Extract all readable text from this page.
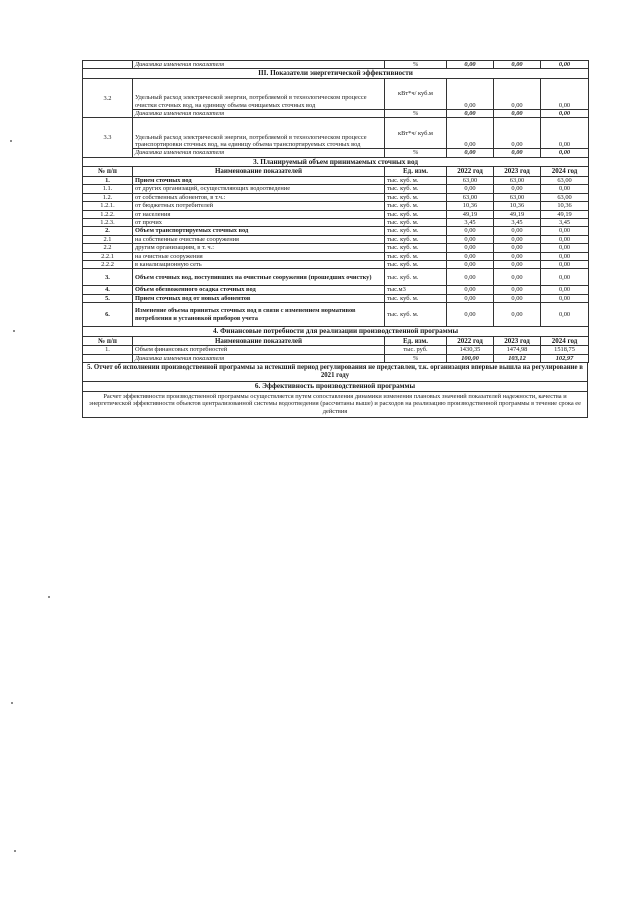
	Динамика изменения показателя	%	0,00	0,00	0,00
III. Показатели энергетической эффективности					
3.2	Удельный расход электрической энергии, потребляемой в технологическом процессе очистки сточных вод, на единицу объема очищаемых сточных вод	кВт*ч/ куб.м	0,00	0,00	0,00
	Динамика изменения показателя	%	0,00	0,00	0,00
3.3	Удельный расход электрической энергии, потребляемой в технологическом процессе транспортировки сточных вод, на единицу объема транспортируемых сточных вод	кВт*ч/ куб.м	0,00	0,00	0,00
	Динамика изменения показателя	%	0,00	0,00	0,00
3. Планируемый объем принимаемых сточных вод					
№ п/п	Наименование показателей	Ед. изм.	2022 год	2023 год	2024 год
1.	Прием сточных вод	тыс. куб. м.	63,00	63,00	63,00
1.1.	от других организаций, осуществляющих водоотведение	тыс. куб. м.	0,00	0,00	0,00
1.2.	от собственных абонентов, в т.ч.:	тыс. куб. м.	63,00	63,00	63,00
1.2.1.	от бюджетных потребителей	тыс. куб. м.	10,36	10,36	10,36
1.2.2.	от населения	тыс. куб. м.	49,19	49,19	49,19
1.2.3.	от прочих	тыс. куб. м.	3,45	3,45	3,45
2.	Объем транспортируемых сточных вод	тыс. куб. м.	0,00	0,00	0,00
2.1	на собственные очистные сооружения	тыс. куб. м.	0,00	0,00	0,00
2.2	другим организациям, в т. ч.:	тыс. куб. м.	0,00	0,00	0,00
2.2.1	на очистные сооружения	тыс. куб. м.	0,00	0,00	0,00
2.2.2	в канализационную сеть	тыс. куб. м.	0,00	0,00	0,00
3.	Объем сточных вод, поступивших на очистные сооружения (прошедших очистку)	тыс. куб. м.	0,00	0,00	0,00
4.	Объем обезвоженного осадка сточных вод	тыс.м3	0,00	0,00	0,00
5.	Прием сточных вод от новых абонентов	тыс. куб. м.	0,00	0,00	0,00
6.	Изменение объема принятых сточных вод в связи с изменением нормативов потребления и установкой приборов учета	тыс. куб. м.	0,00	0,00	0,00
4. Финансовые потребности для реализации производственной программы					
№ п/п	Наименование показателей	Ед. изм.	2022 год	2023 год	2024 год
1.	Объем финансовых потребностей	тыс. руб.	1430,35	1474,98	1518,75
	Динамика изменения показателя	%	100,00	103,12	102,97
5. Отчет об исполнении производственной программы за истекший период регулирования не представлен, т.к. организация впервые вышла на регулирование в 2021 году
6. Эффективность производственной программы
Расчет эффективности производственной программы осуществляется путем сопоставления динамики изменения плановых значений показателей надежности, качества и энергетической эффективности объектов централизованной системы водоотведения (рассчитаны выше) и расходов на реализацию производственной программы в течение срока ее действия
